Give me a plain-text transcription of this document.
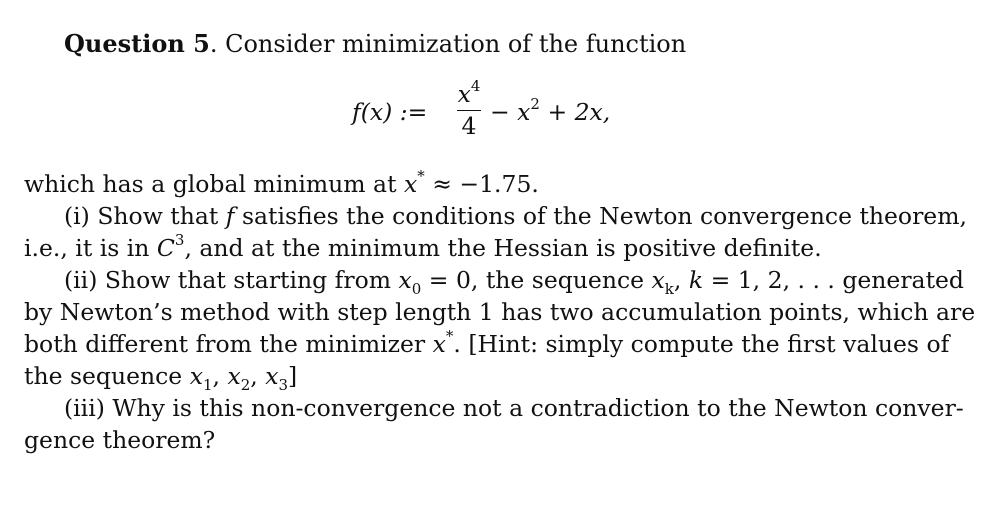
Question 5. Consider minimization of the function
f(x) :=
$x^4$
$4 - x^2 + 2x$,
which has a global minimum at x* ≈ −1.75.
(i) Show that f satisfies the conditions of the Newton convergence theorem,
i.e., it is in $C^3$, and at the minimum the Hessian is positive definite.
(ii) Show that starting from $x_0 = 0$, the sequence $x_k$, k = 1, 2, . . . generated
by Newton’s method with step length 1 has two accumulation points, which are
both different from the minimizer x*. [Hint: simply compute the first values of
the sequence $x_1$, $x_2$, $x_3$]
(iii) Why is this non-convergence not a contradiction to the Newton conver-
gence theorem?
